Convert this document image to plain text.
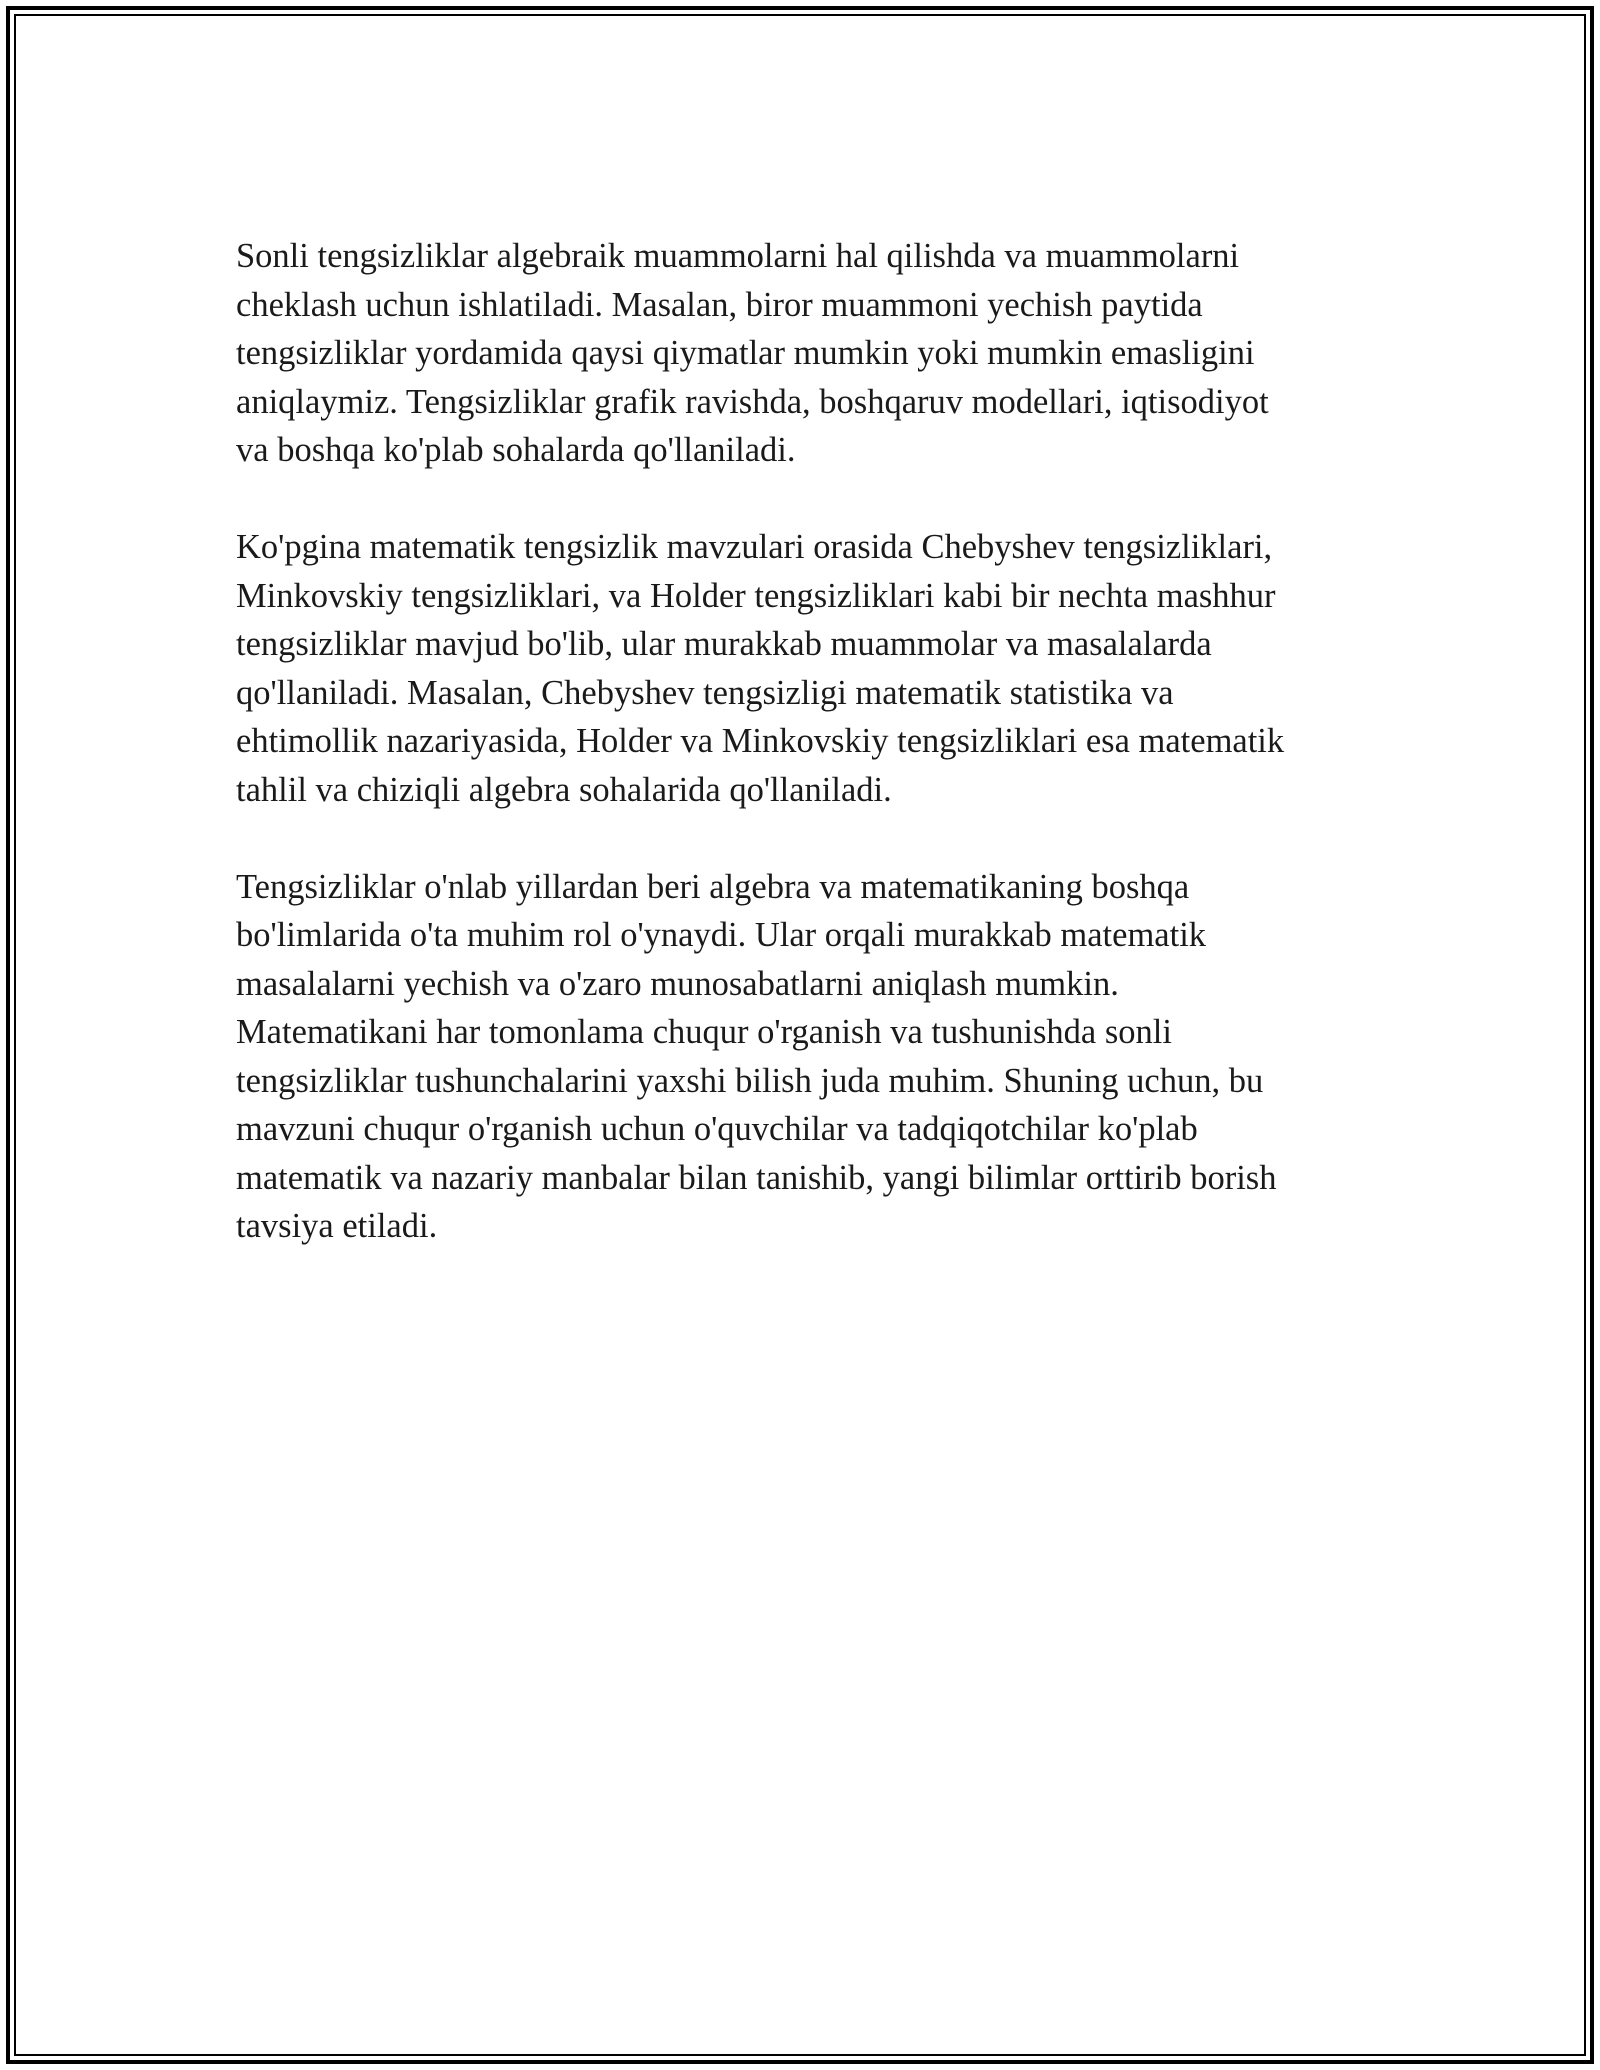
Sonli tengsizliklar algebraik muammolarni hal qilishda va muammolarni
cheklash uchun ishlatiladi. Masalan, biror muammoni yechish paytida
tengsizliklar yordamida qaysi qiymatlar mumkin yoki mumkin emasligini
aniqlaymiz. Tengsizliklar grafik ravishda, boshqaruv modellari, iqtisodiyot
va boshqa ko'plab sohalarda qo'llaniladi.

Ko'pgina matematik tengsizlik mavzulari orasida Chebyshev tengsizliklari,
Minkovskiy tengsizliklari, va Holder tengsizliklari kabi bir nechta mashhur
tengsizliklar mavjud bo'lib, ular murakkab muammolar va masalalarda
qo'llaniladi. Masalan, Chebyshev tengsizligi matematik statistika va
ehtimollik nazariyasida, Holder va Minkovskiy tengsizliklari esa matematik
tahlil va chiziqli algebra sohalarida qo'llaniladi.

Tengsizliklar o'nlab yillardan beri algebra va matematikaning boshqa
bo'limlarida o'ta muhim rol o'ynaydi. Ular orqali murakkab matematik
masalalarni yechish va o'zaro munosabatlarni aniqlash mumkin.
Matematikani har tomonlama chuqur o'rganish va tushunishda sonli
tengsizliklar tushunchalarini yaxshi bilish juda muhim. Shuning uchun, bu
mavzuni chuqur o'rganish uchun o'quvchilar va tadqiqotchilar ko'plab
matematik va nazariy manbalar bilan tanishib, yangi bilimlar orttirib borish
tavsiya etiladi.
